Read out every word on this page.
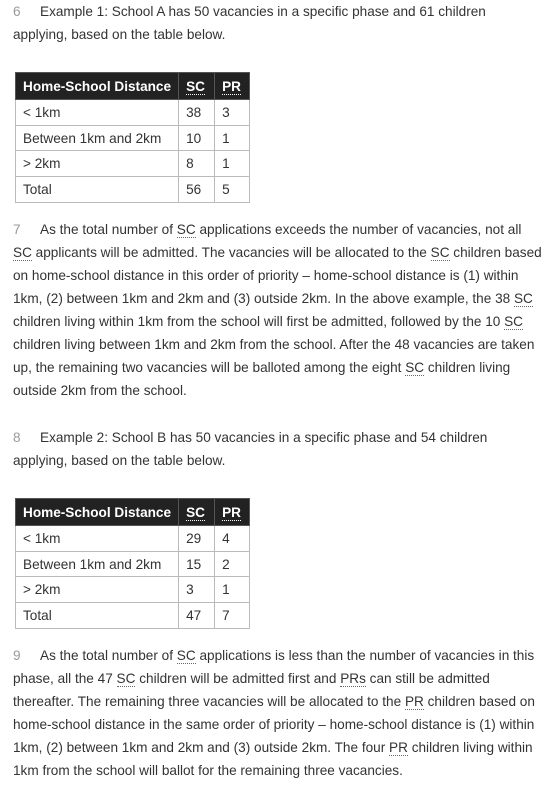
6 Example 1: School A has 50 vacancies in a specific phase and 61 children
applying, based on the table below.
Home-School Distance	SC	PR
< 1km	38	3
Between 1km and 2km	10	1
> 2km	8	1
Total	56	5
7 As the total number of SC applications exceeds the number of vacancies, not all
SC applicants will be admitted. The vacancies will be allocated to the SC children based
on home-school distance in this order of priority – home-school distance is (1) within
1km, (2) between 1km and 2km and (3) outside 2km. In the above example, the 38 SC
children living within 1km from the school will first be admitted, followed by the 10 SC
children living between 1km and 2km from the school. After the 48 vacancies are taken
up, the remaining two vacancies will be balloted among the eight SC children living
outside 2km from the school.
8 Example 2: School B has 50 vacancies in a specific phase and 54 children
applying, based on the table below.
Home-School Distance	SC	PR
< 1km	29	4
Between 1km and 2km	15	2
> 2km	3	1
Total	47	7
9 As the total number of SC applications is less than the number of vacancies in this
phase, all the 47 SC children will be admitted first and PRs can still be admitted
thereafter. The remaining three vacancies will be allocated to the PR children based on
home-school distance in the same order of priority – home-school distance is (1) within
1km, (2) between 1km and 2km and (3) outside 2km. The four PR children living within
1km from the school will ballot for the remaining three vacancies.
